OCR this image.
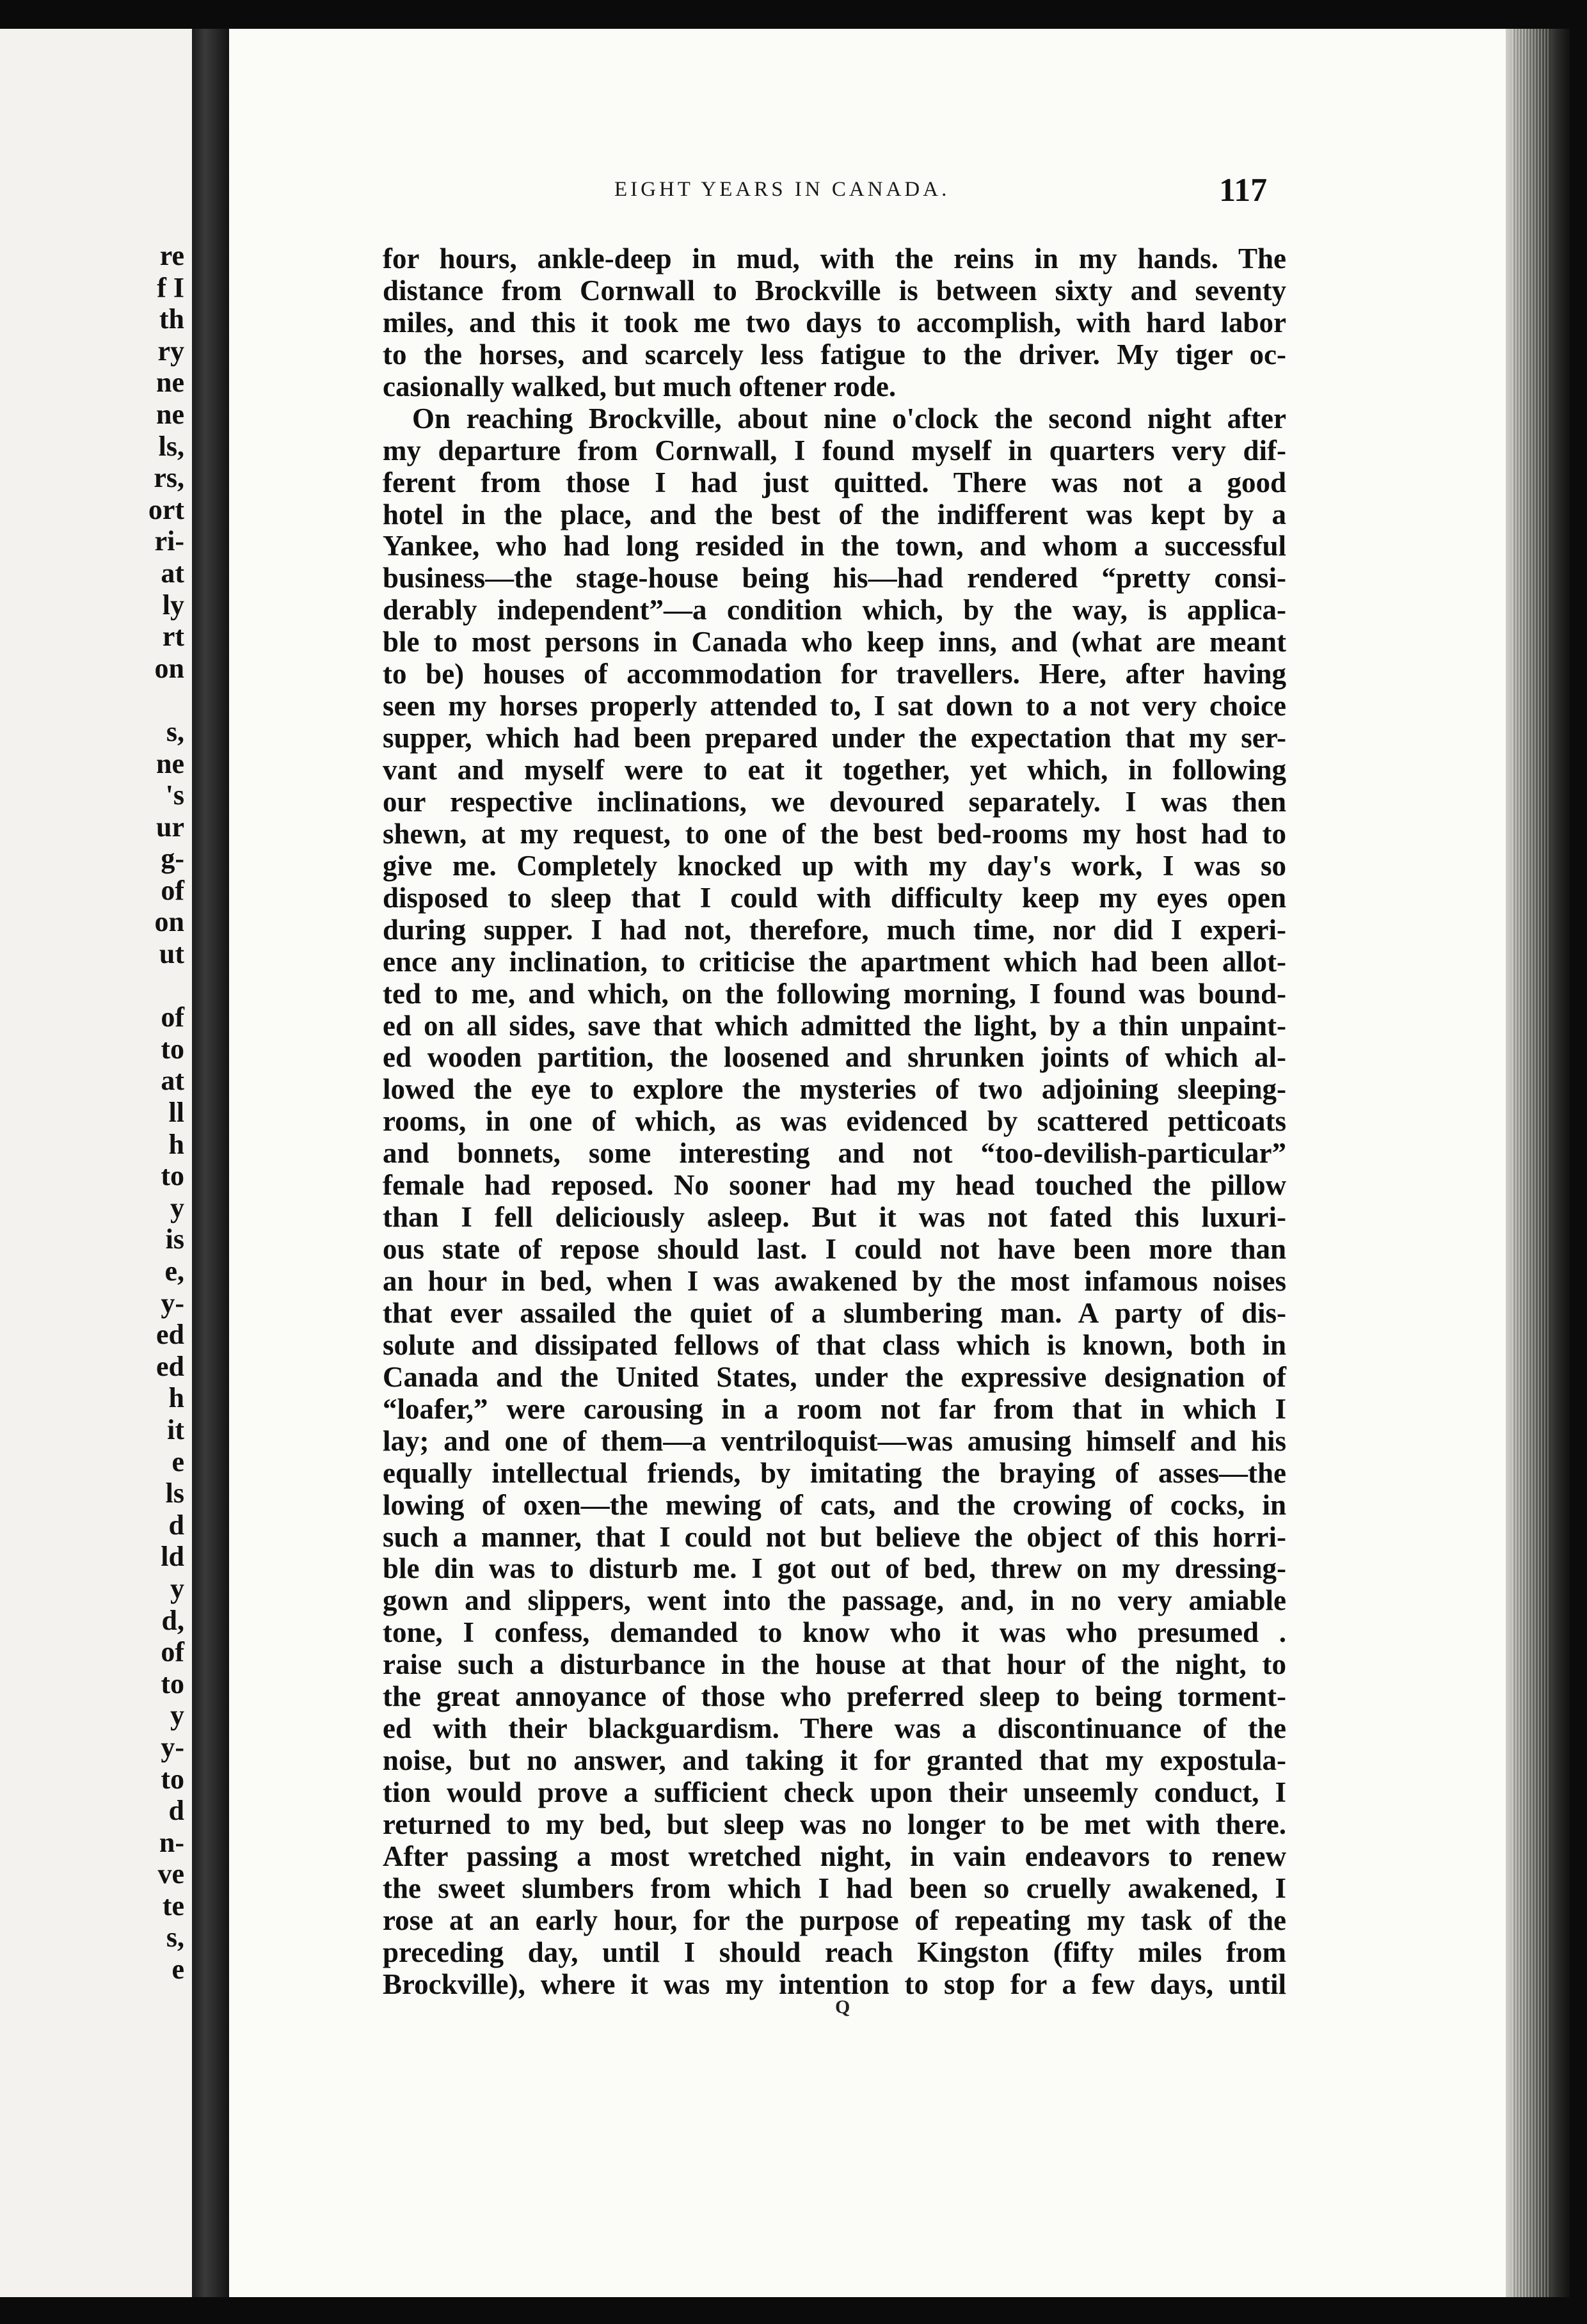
re
f I
th
ry
ne
ne
ls,
rs,
ort
ri-
at
ly
rt
on
s,
ne
's
ur
g-
of
on
ut
of
to
at
ll
h
to
y
is
e,
y-
ed
ed
h
it
e
ls
d
ld
y
d,
of
to
y
y-
to
d
n-
ve
te
s,
e
EIGHT YEARS IN CANADA.	117
for hours, ankle-deep in mud, with the reins in my hands. The
distance from Cornwall to Brockville is between sixty and seventy
miles, and this it took me two days to accomplish, with hard labor
to the horses, and scarcely less fatigue to the driver. My tiger oc-
casionally walked, but much oftener rode.
On reaching Brockville, about nine o'clock the second night after
my departure from Cornwall, I found myself in quarters very dif-
ferent from those I had just quitted. There was not a good
hotel in the place, and the best of the indifferent was kept by a
Yankee, who had long resided in the town, and whom a successful
business—the stage-house being his—had rendered “pretty consi-
derably independent”—a condition which, by the way, is applica-
ble to most persons in Canada who keep inns, and (what are meant
to be) houses of accommodation for travellers. Here, after having
seen my horses properly attended to, I sat down to a not very choice
supper, which had been prepared under the expectation that my ser-
vant and myself were to eat it together, yet which, in following
our respective inclinations, we devoured separately. I was then
shewn, at my request, to one of the best bed-rooms my host had to
give me. Completely knocked up with my day's work, I was so
disposed to sleep that I could with difficulty keep my eyes open
during supper. I had not, therefore, much time, nor did I experi-
ence any inclination, to criticise the apartment which had been allot-
ted to me, and which, on the following morning, I found was bound-
ed on all sides, save that which admitted the light, by a thin unpaint-
ed wooden partition, the loosened and shrunken joints of which al-
lowed the eye to explore the mysteries of two adjoining sleeping-
rooms, in one of which, as was evidenced by scattered petticoats
and bonnets, some interesting and not “too-devilish-particular”
female had reposed. No sooner had my head touched the pillow
than I fell deliciously asleep. But it was not fated this luxuri-
ous state of repose should last. I could not have been more than
an hour in bed, when I was awakened by the most infamous noises
that ever assailed the quiet of a slumbering man. A party of dis-
solute and dissipated fellows of that class which is known, both in
Canada and the United States, under the expressive designation of
“loafer,” were carousing in a room not far from that in which I
lay; and one of them—a ventriloquist—was amusing himself and his
equally intellectual friends, by imitating the braying of asses—the
lowing of oxen—the mewing of cats, and the crowing of cocks, in
such a manner, that I could not but believe the object of this horri-
ble din was to disturb me. I got out of bed, threw on my dressing-
gown and slippers, went into the passage, and, in no very amiable
tone, I confess, demanded to know who it was who presumed .
raise such a disturbance in the house at that hour of the night, to
the great annoyance of those who preferred sleep to being torment-
ed with their blackguardism. There was a discontinuance of the
noise, but no answer, and taking it for granted that my expostula-
tion would prove a sufficient check upon their unseemly conduct, I
returned to my bed, but sleep was no longer to be met with there.
After passing a most wretched night, in vain endeavors to renew
the sweet slumbers from which I had been so cruelly awakened, I
rose at an early hour, for the purpose of repeating my task of the
preceding day, until I should reach Kingston (fifty miles from
Brockville), where it was my intention to stop for a few days, until
Q
